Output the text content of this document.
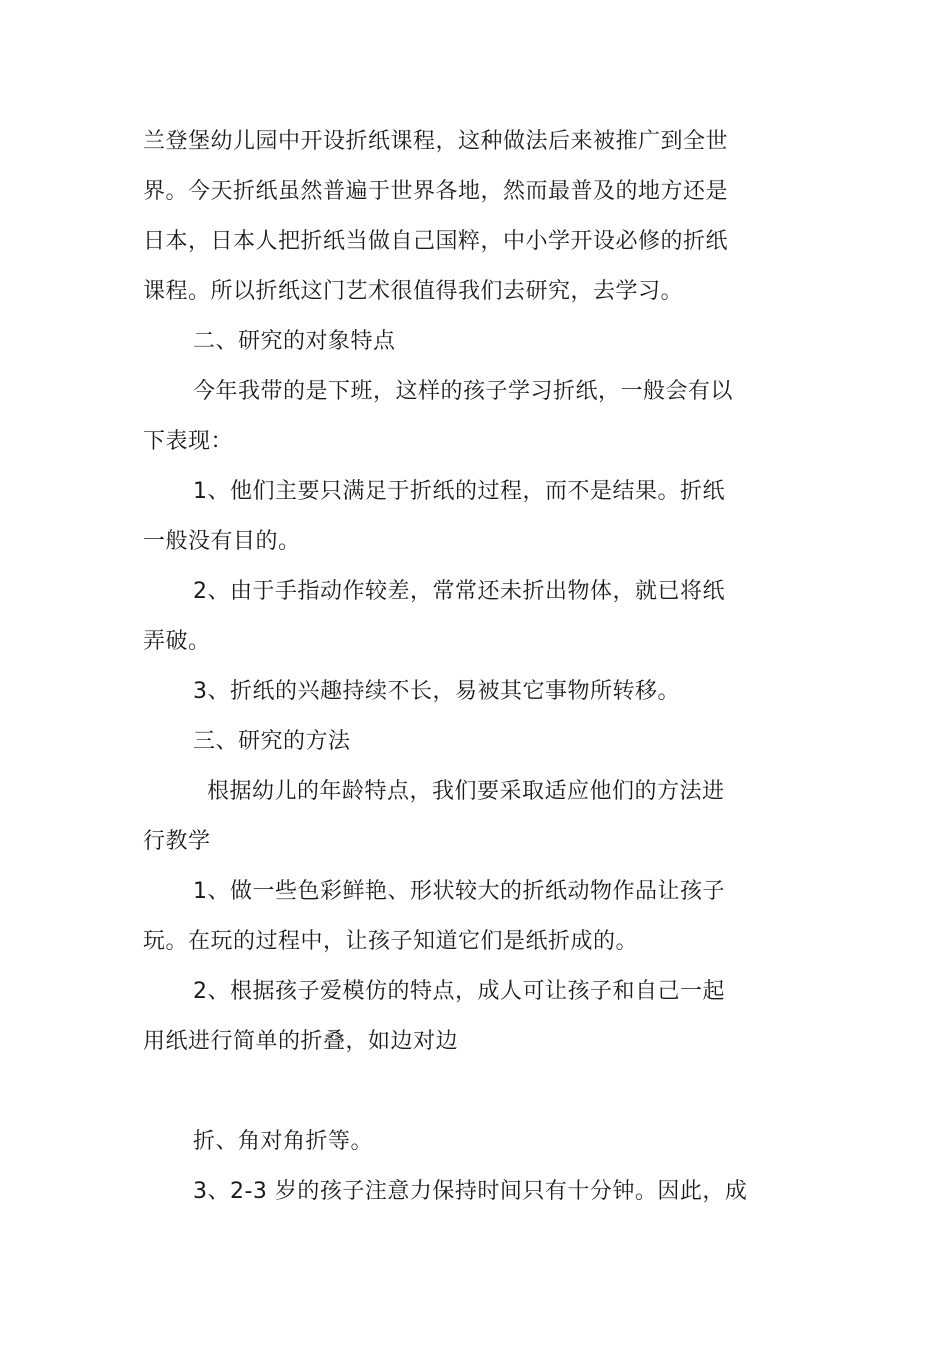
兰登堡幼儿园中开设折纸课程，这种做法后来被推广到全世
界。今天折纸虽然普遍于世界各地，然而最普及的地方还是
日本，日本人把折纸当做自己国粹，中小学开设必修的折纸
课程。所以折纸这门艺术很值得我们去研究，去学习。
二、研究的对象特点
今年我带的是下班，这样的孩子学习折纸，一般会有以
下表现：
1、他们主要只满足于折纸的过程，而不是结果。折纸
一般没有目的。
2、由于手指动作较差，常常还未折出物体，就已将纸
弄破。
3、折纸的兴趣持续不长，易被其它事物所转移。
三、研究的方法
根据幼儿的年龄特点，我们要采取适应他们的方法进
行教学
1、做一些色彩鲜艳、形状较大的折纸动物作品让孩子
玩。在玩的过程中，让孩子知道它们是纸折成的。
2、根据孩子爱模仿的特点，成人可让孩子和自己一起
用纸进行简单的折叠，如边对边
折、角对角折等。
3、2-3 岁的孩子注意力保持时间只有十分钟。因此，成
